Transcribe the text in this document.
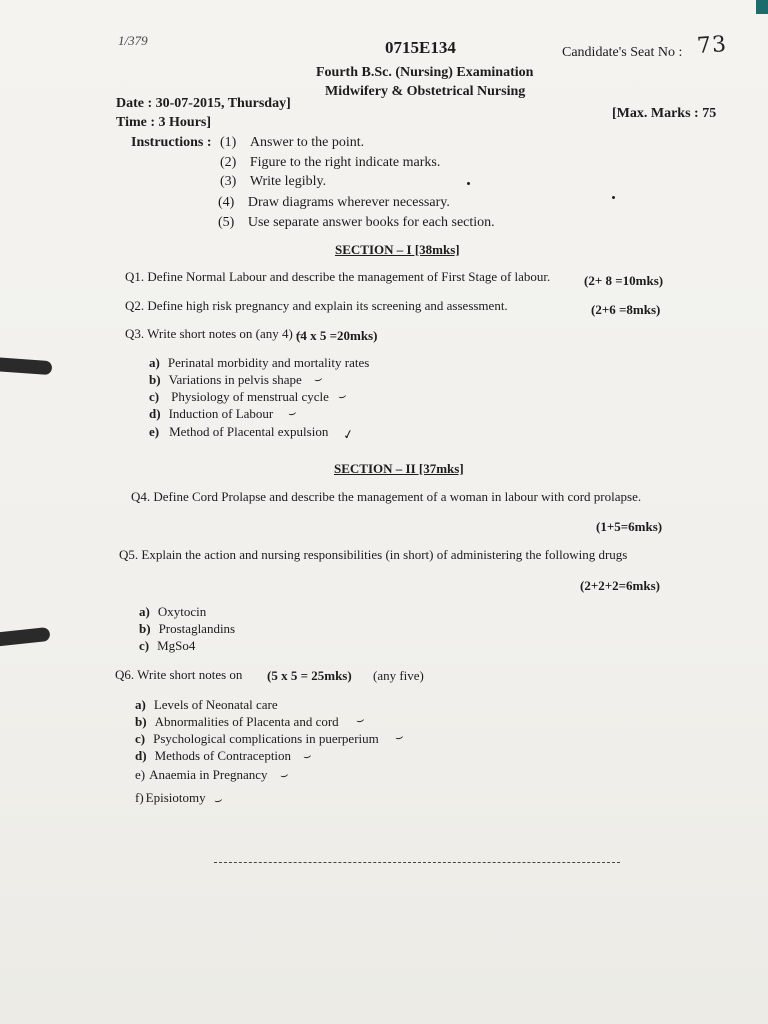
1/379	0715E134	Candidate's Seat No : 73
Fourth B.Sc. (Nursing) Examination
Midwifery & Obstetrical Nursing
Date : 30-07-2015, Thursday]
Time : 3 Hours]
[Max. Marks : 75
Instructions : (1) Answer to the point.
(2) Figure to the right indicate marks.
(3) Write legibly.
(4) Draw diagrams wherever necessary.
(5) Use separate answer books for each section.
SECTION – I [38mks]
Q1. Define Normal Labour and describe the management of First Stage of labour.	(2+ 8 =10mks)
Q2. Define high risk pregnancy and explain its screening and assessment.	(2+6 =8mks)
Q3. Write short notes on (any 4) –
(4 x 5 =20mks)
a) Perinatal morbidity and mortality rates
b) Variations in pelvis shape
c) Physiology of menstrual cycle
d) Induction of Labour
e) Method of Placental expulsion
⌣
⌣
⌣
✓
SECTION – II [37mks]
Q4. Define Cord Prolapse and describe the management of a woman in labour with cord prolapse.
(1+5=6mks)
Q5. Explain the action and nursing responsibilities (in short) of administering the following drugs
(2+2+2=6mks)
a) Oxytocin
b) Prostaglandins
c) MgSo4
Q6. Write short notes on (5 x 5 = 25mks) (any five)
a) Levels of Neonatal care
b) Abnormalities of Placenta and cord
c) Psychological complications in puerperium
d) Methods of Contraception
e) Anaemia in Pregnancy
f) Episiotomy
⌣
⌣
⌣
⌣
⌣
